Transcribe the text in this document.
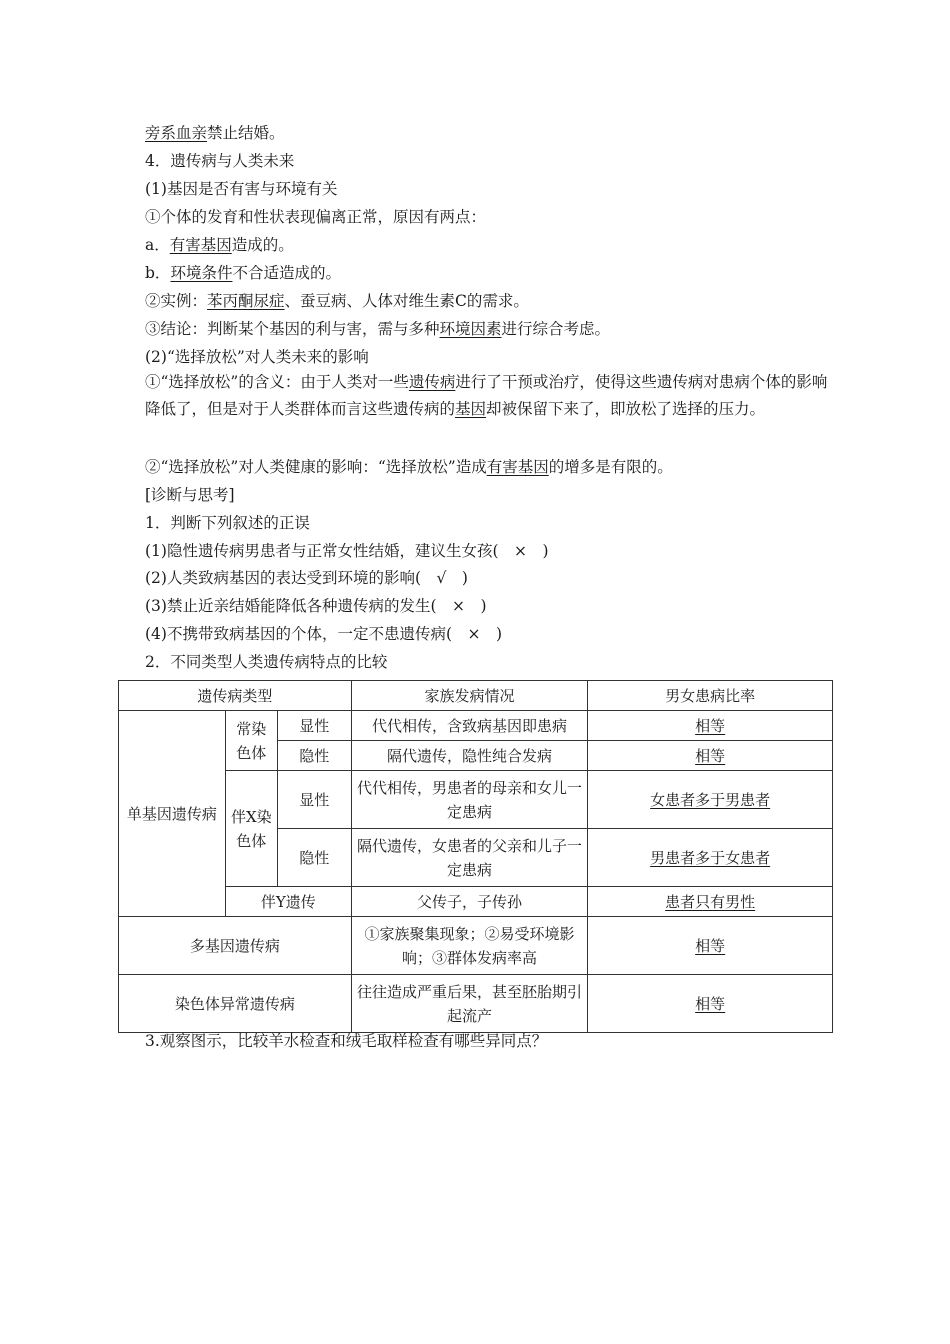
旁系血亲禁止结婚。
4．遗传病与人类未来
(1)基因是否有害与环境有关
①个体的发育和性状表现偏离正常，原因有两点：
a．有害基因造成的。
b．环境条件不合适造成的。
②实例：苯丙酮尿症、蚕豆病、人体对维生素C的需求。
③结论：判断某个基因的利与害，需与多种环境因素进行综合考虑。
(2)“选择放松”对人类未来的影响
①“选择放松”的含义：由于人类对一些遗传病进行了干预或治疗，使得这些遗传病对患病个体的影响降低了，但是对于人类群体而言这些遗传病的基因却被保留下来了，即放松了选择的压力。
②“选择放松”对人类健康的影响：“选择放松”造成有害基因的增多是有限的。
[诊断与思考]
1．判断下列叙述的正误
(1)隐性遗传病男患者与正常女性结婚，建议生女孩(　×　)
(2)人类致病基因的表达受到环境的影响(　√　)
(3)禁止近亲结婚能降低各种遗传病的发生(　×　)
(4)不携带致病基因的个体，一定不患遗传病(　×　)
2．不同类型人类遗传病特点的比较
遗传病类型			家族发病情况	男女患病比率
单基因遗传病	常染色体	显性	代代相传，含致病基因即患病	相等
		隐性	隔代遗传，隐性纯合发病	相等
	伴X染色体	显性	代代相传，男患者的母亲和女儿一定患病	女患者多于男患者
		隐性	隔代遗传，女患者的父亲和儿子一定患病	男患者多于女患者
	伴Y遗传		父传子，子传孙	患者只有男性
多基因遗传病			①家族聚集现象；②易受环境影响；③群体发病率高	相等
染色体异常遗传病			往往造成严重后果，甚至胚胎期引起流产	相等
3.观察图示，比较羊水检查和绒毛取样检查有哪些异同点？
